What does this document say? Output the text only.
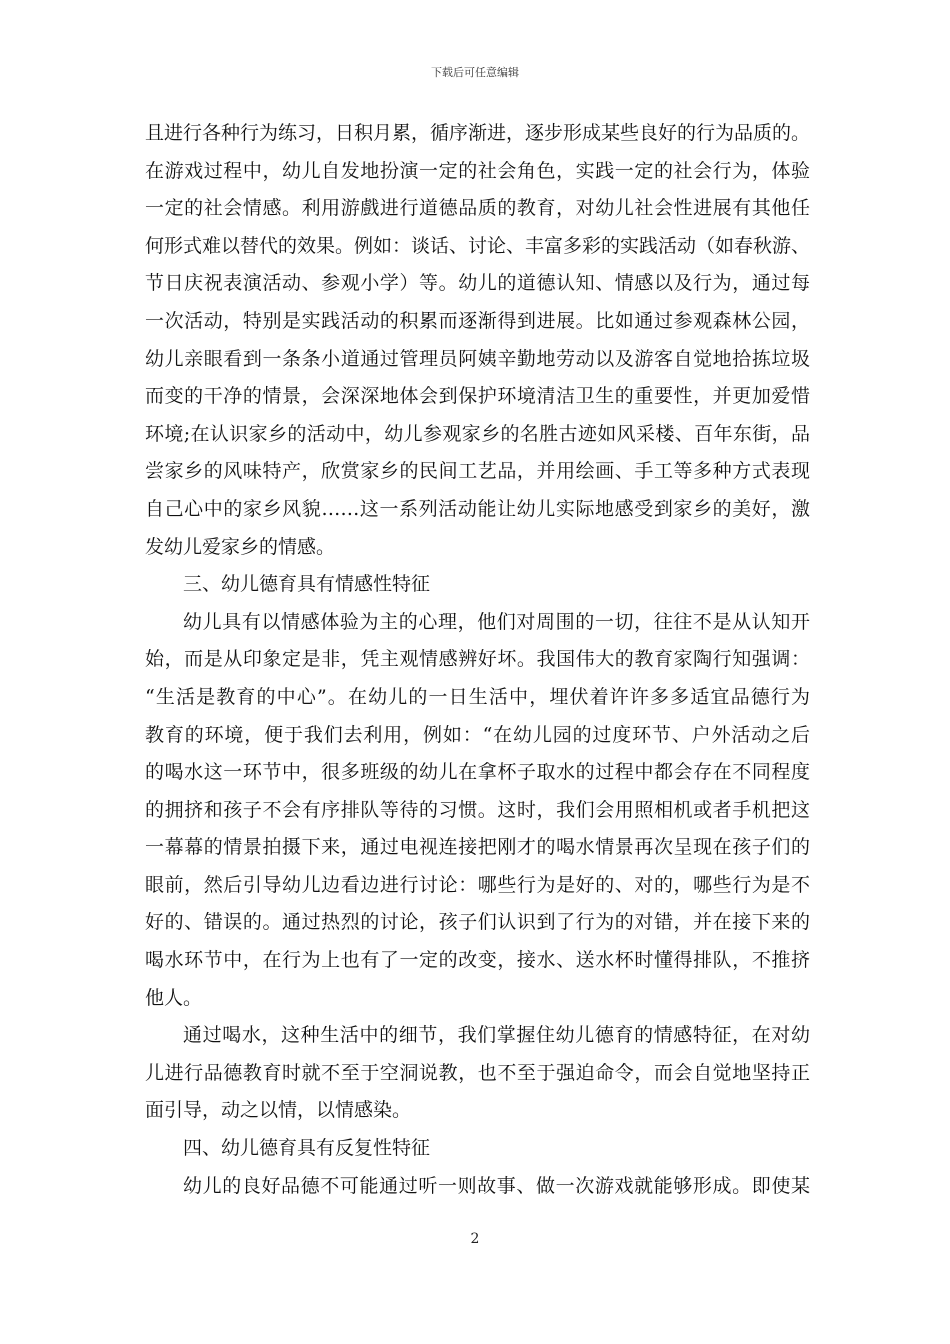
下载后可任意编辑
且进行各种行为练习，日积月累，循序渐进，逐步形成某些良好的行为品质的。
在游戏过程中，幼儿自发地扮演一定的社会角色，实践一定的社会行为，体验
一定的社会情感。利用游戲进行道德品质的教育，对幼儿社会性进展有其他任
何形式难以替代的效果。例如：谈话、讨论、丰富多彩的实践活动（如春秋游、
节日庆祝表演活动、参观小学）等。幼儿的道德认知、情感以及行为，通过每
一次活动，特别是实践活动的积累而逐渐得到进展。比如通过参观森林公园，
幼儿亲眼看到一条条小道通过管理员阿姨辛勤地劳动以及游客自觉地拾拣垃圾
而变的干净的情景，会深深地体会到保护环境清洁卫生的重要性，并更加爱惜
环境;在认识家乡的活动中，幼儿参观家乡的名胜古迹如风采楼、百年东街，品
尝家乡的风味特产，欣赏家乡的民间工艺品，并用绘画、手工等多种方式表现
自己心中的家乡风貌……这一系列活动能让幼儿实际地感受到家乡的美好，激
发幼儿爱家乡的情感。
三、幼儿德育具有情感性特征
幼儿具有以情感体验为主的心理，他们对周围的一切，往往不是从认知开
始，而是从印象定是非，凭主观情感辨好坏。我国伟大的教育家陶行知强调：
“生活是教育的中心”。在幼儿的一日生活中，埋伏着许许多多适宜品德行为
教育的环境，便于我们去利用，例如：“在幼儿园的过度环节、户外活动之后
的喝水这一环节中，很多班级的幼儿在拿杯子取水的过程中都会存在不同程度
的拥挤和孩子不会有序排队等待的习惯。这时，我们会用照相机或者手机把这
一幕幕的情景拍摄下来，通过电视连接把刚才的喝水情景再次呈现在孩子们的
眼前，然后引导幼儿边看边进行讨论：哪些行为是好的、对的，哪些行为是不
好的、错误的。通过热烈的讨论，孩子们认识到了行为的对错，并在接下来的
喝水环节中，在行为上也有了一定的改变，接水、送水杯时懂得排队，不推挤
他人。
通过喝水，这种生活中的细节，我们掌握住幼儿德育的情感特征，在对幼
儿进行品德教育时就不至于空洞说教，也不至于强迫命令，而会自觉地坚持正
面引导，动之以情，以情感染。
四、幼儿德育具有反复性特征
幼儿的良好品德不可能通过听一则故事、做一次游戏就能够形成。即使某
2
